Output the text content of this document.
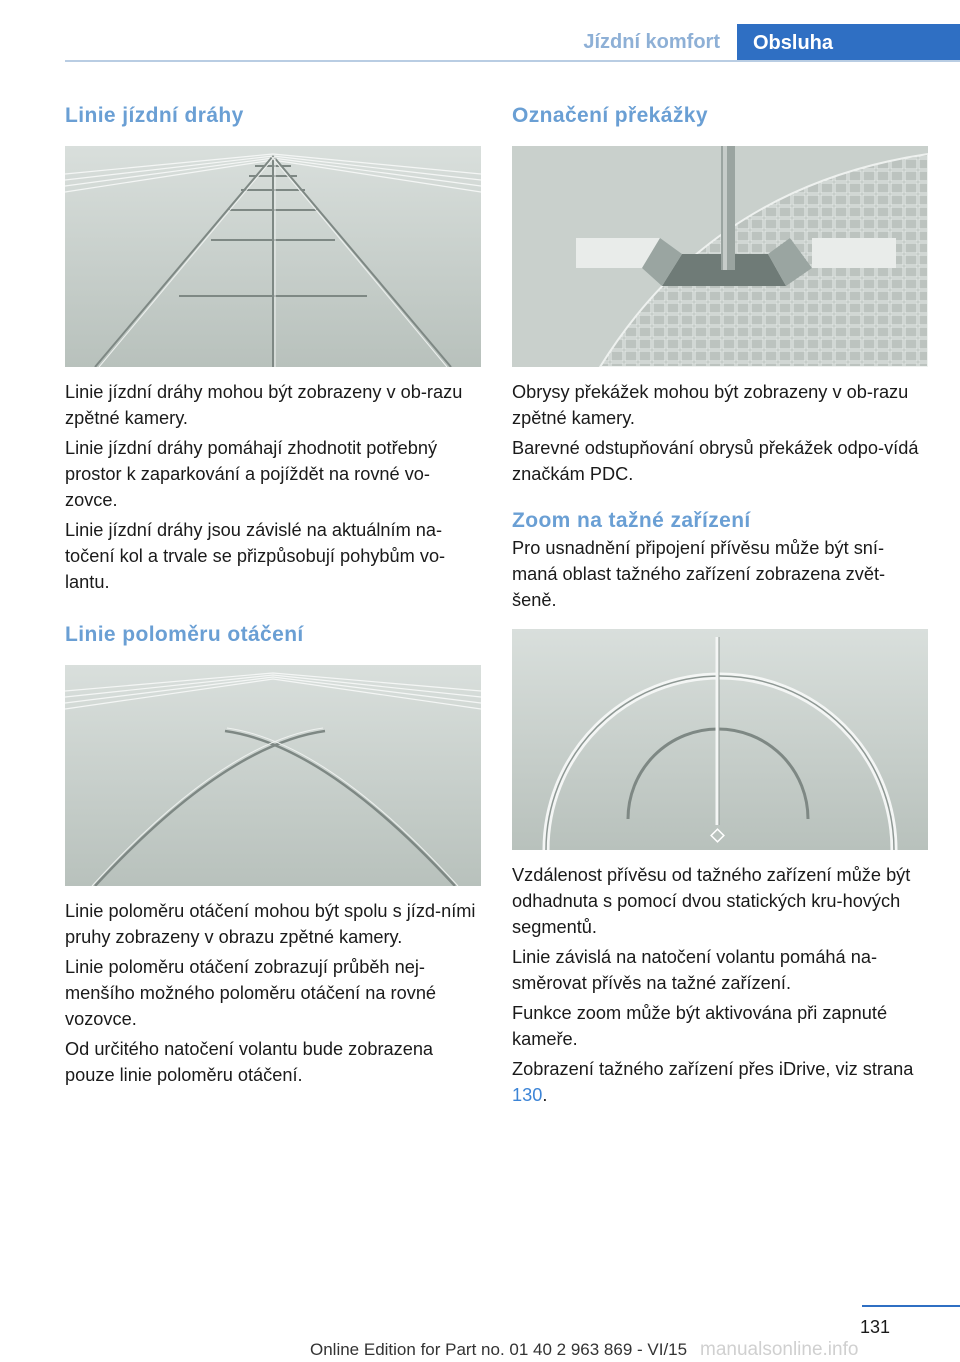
Jízdní komfort	Obsluha
Linie jízdní dráhy

Linie jízdní dráhy mohou být zobrazeny v ob-razu zpětné kamery.

Linie jízdní dráhy pomáhají zhodnotit potřebný prostor k zaparkování a pojíždět na rovné vo-zovce.

Linie jízdní dráhy jsou závislé na aktuálním na-točení kol a trvale se přizpůsobují pohybům vo-lantu.

Linie poloměru otáčení

Linie poloměru otáčení mohou být spolu s jízd-ními pruhy zobrazeny v obrazu zpětné kamery.

Linie poloměru otáčení zobrazují průběh nej-menšího možného poloměru otáčení na rovné vozovce.

Od určitého natočení volantu bude zobrazena pouze linie poloměru otáčení.

Označení překážky

Obrysy překážek mohou být zobrazeny v ob-razu zpětné kamery.

Barevné odstupňování obrysů překážek odpo-vídá značkám PDC.

Zoom na tažné zařízení

Pro usnadnění připojení přívěsu může být sní-maná oblast tažného zařízení zobrazena zvět-šeně.

Vzdálenost přívěsu od tažného zařízení může být odhadnuta s pomocí dvou statických kru-hových segmentů.

Linie závislá na natočení volantu pomáhá na-směrovat přívěs na tažné zařízení.

Funkce zoom může být aktivována při zapnuté kameře.

Zobrazení tažného zařízení přes iDrive, viz strana 130.

131
Online Edition for Part no. 01 40 2 963 869 - VI/15 manualsonline.info
